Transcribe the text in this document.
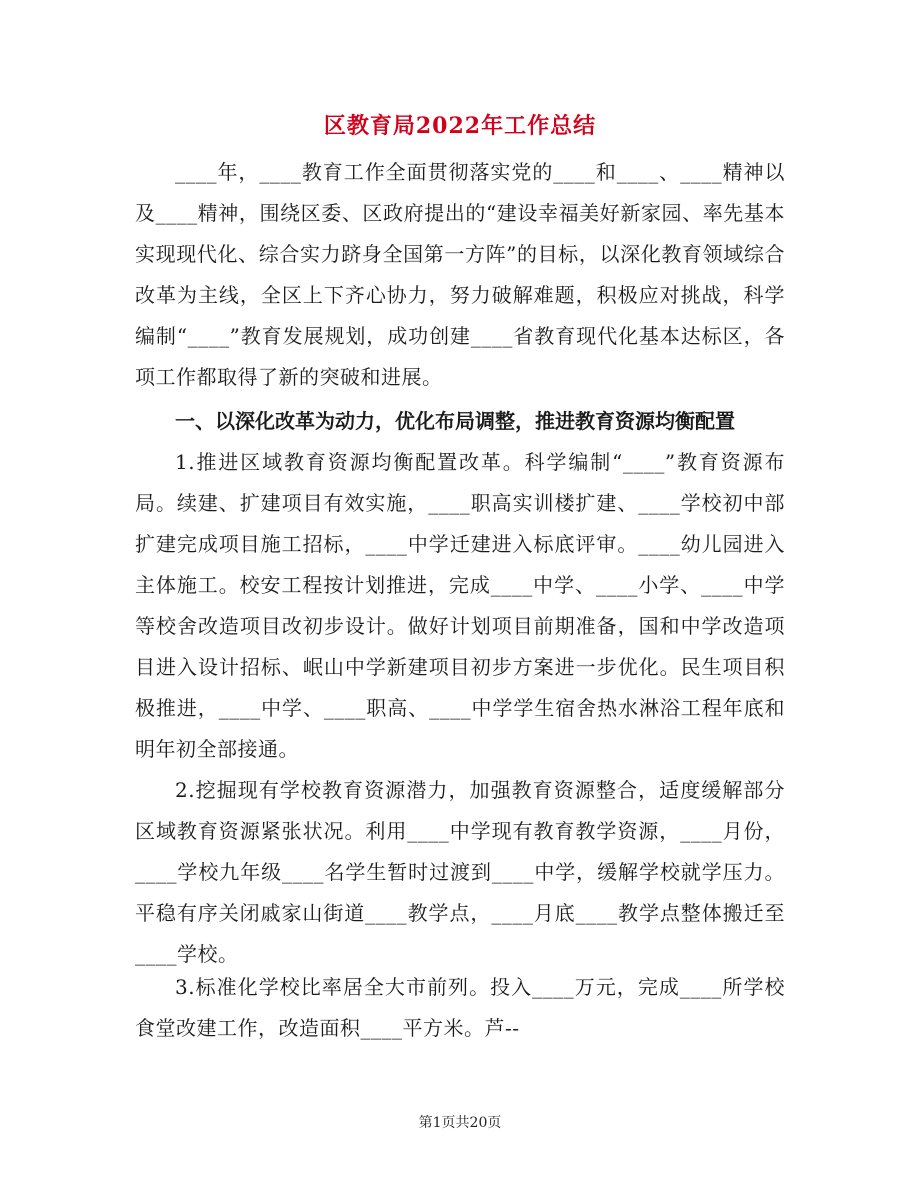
区教育局2022年工作总结
____年，____教育工作全面贯彻落实党的____和____、____精神以及____精神，围绕区委、区政府提出的“建设幸福美好新家园、率先基本实现现代化、综合实力跻身全国第一方阵”的目标，以深化教育领域综合改革为主线，全区上下齐心协力，努力破解难题，积极应对挑战，科学编制“____”教育发展规划，成功创建____省教育现代化基本达标区，各项工作都取得了新的突破和进展。
一、以深化改革为动力，优化布局调整，推进教育资源均衡配置
1.推进区域教育资源均衡配置改革。科学编制“____”教育资源布局。续建、扩建项目有效实施，____职高实训楼扩建、____学校初中部扩建完成项目施工招标，____中学迁建进入标底评审。____幼儿园进入主体施工。校安工程按计划推进，完成____中学、____小学、____中学等校舍改造项目改初步设计。做好计划项目前期准备，国和中学改造项目进入设计招标、岷山中学新建项目初步方案进一步优化。民生项目积极推进，____中学、____职高、____中学学生宿舍热水淋浴工程年底和明年初全部接通。
2.挖掘现有学校教育资源潜力，加强教育资源整合，适度缓解部分区域教育资源紧张状况。利用____中学现有教育教学资源，____月份，____学校九年级____名学生暂时过渡到____中学，缓解学校就学压力。平稳有序关闭戚家山街道____教学点，____月底____教学点整体搬迁至____学校。
3.标准化学校比率居全大市前列。投入____万元，完成____所学校食堂改建工作，改造面积____平方米。芦--
第1页共20页
